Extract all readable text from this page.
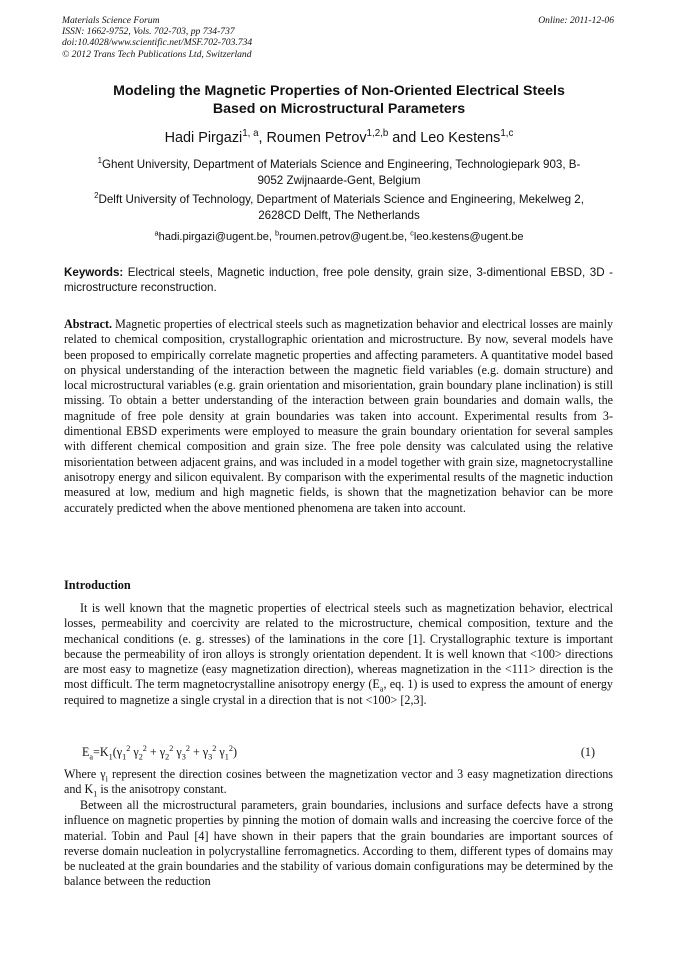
Materials Science Forum
ISSN: 1662-9752, Vols. 702-703, pp 734-737
doi:10.4028/www.scientific.net/MSF.702-703.734
© 2012 Trans Tech Publications Ltd, Switzerland
Online: 2011-12-06
Modeling the Magnetic Properties of Non-Oriented Electrical Steels
Based on Microstructural Parameters
Hadi Pirgazi$^{1, a}$, Roumen Petrov$^{1,2,b}$ and Leo Kestens$^{1,c}$
$^1$Ghent University, Department of Materials Science and Engineering, Technologiepark 903, B-
9052 Zwijnaarde-Gent, Belgium
$^2$Delft University of Technology, Department of Materials Science and Engineering, Mekelweg 2,
2628CD Delft, The Netherlands
$^a$hadi.pirgazi@ugent.be, $^b$roumen.petrov@ugent.be, $^c$leo.kestens@ugent.be
Keywords: Electrical steels, Magnetic induction, free pole density, grain size, 3-dimentional EBSD, 3D -microstructure reconstruction.
Abstract. Magnetic properties of electrical steels such as magnetization behavior and electrical losses are mainly related to chemical composition, crystallographic orientation and microstructure. By now, several models have been proposed to empirically correlate magnetic properties and affecting parameters. A quantitative model based on physical understanding of the interaction between the magnetic field variables (e.g. domain structure) and local microstructural variables (e.g. grain orientation and misorientation, grain boundary plane inclination) is still missing. To obtain a better understanding of the interaction between grain boundaries and domain walls, the magnitude of free pole density at grain boundaries was taken into account. Experimental results from 3-dimentional EBSD experiments were employed to measure the grain boundary orientation for several samples with different chemical composition and grain size. The free pole density was calculated using the relative misorientation between adjacent grains, and was included in a model together with grain size, magnetocrystalline anisotropy energy and silicon equivalent. By comparison with the experimental results of the magnetic induction measured at low, medium and high magnetic fields, is shown that the magnetization behavior can be more accurately predicted when the above mentioned phenomena are taken into account.
Introduction
It is well known that the magnetic properties of electrical steels such as magnetization behavior, electrical losses, permeability and coercivity are related to the microstructure, chemical composition, texture and the mechanical conditions (e. g. stresses) of the laminations in the core [1]. Crystallographic texture is important because the permeability of iron alloys is strongly orientation dependent. It is well known that <100> directions are most easy to magnetize (easy magnetization direction), whereas magnetization in the <111> direction is the most difficult. The term magnetocrystalline anisotropy energy ($E_a$, eq. 1) is used to express the amount of energy required to magnetize a single crystal in a direction that is not <100> [2,3].
$E_a=K_1(\gamma_1^2$ $\gamma_2^2 + \gamma_2^2$ $\gamma_3^2 + \gamma_3^2$ $\gamma_1^2$)	(1)
Where $\gamma_i$ represent the direction cosines between the magnetization vector and 3 easy magnetization directions and $K_1$ is the anisotropy constant.
Between all the microstructural parameters, grain boundaries, inclusions and surface defects have a strong influence on magnetic properties by pinning the motion of domain walls and increasing the coercive force of the material. Tobin and Paul [4] have shown in their papers that the grain boundaries are important sources of reverse domain nucleation in polycrystalline ferromagnetics. According to them, different types of domains may be nucleated at the grain boundaries and the stability of various domain configurations may be determined by the balance between the reduction
